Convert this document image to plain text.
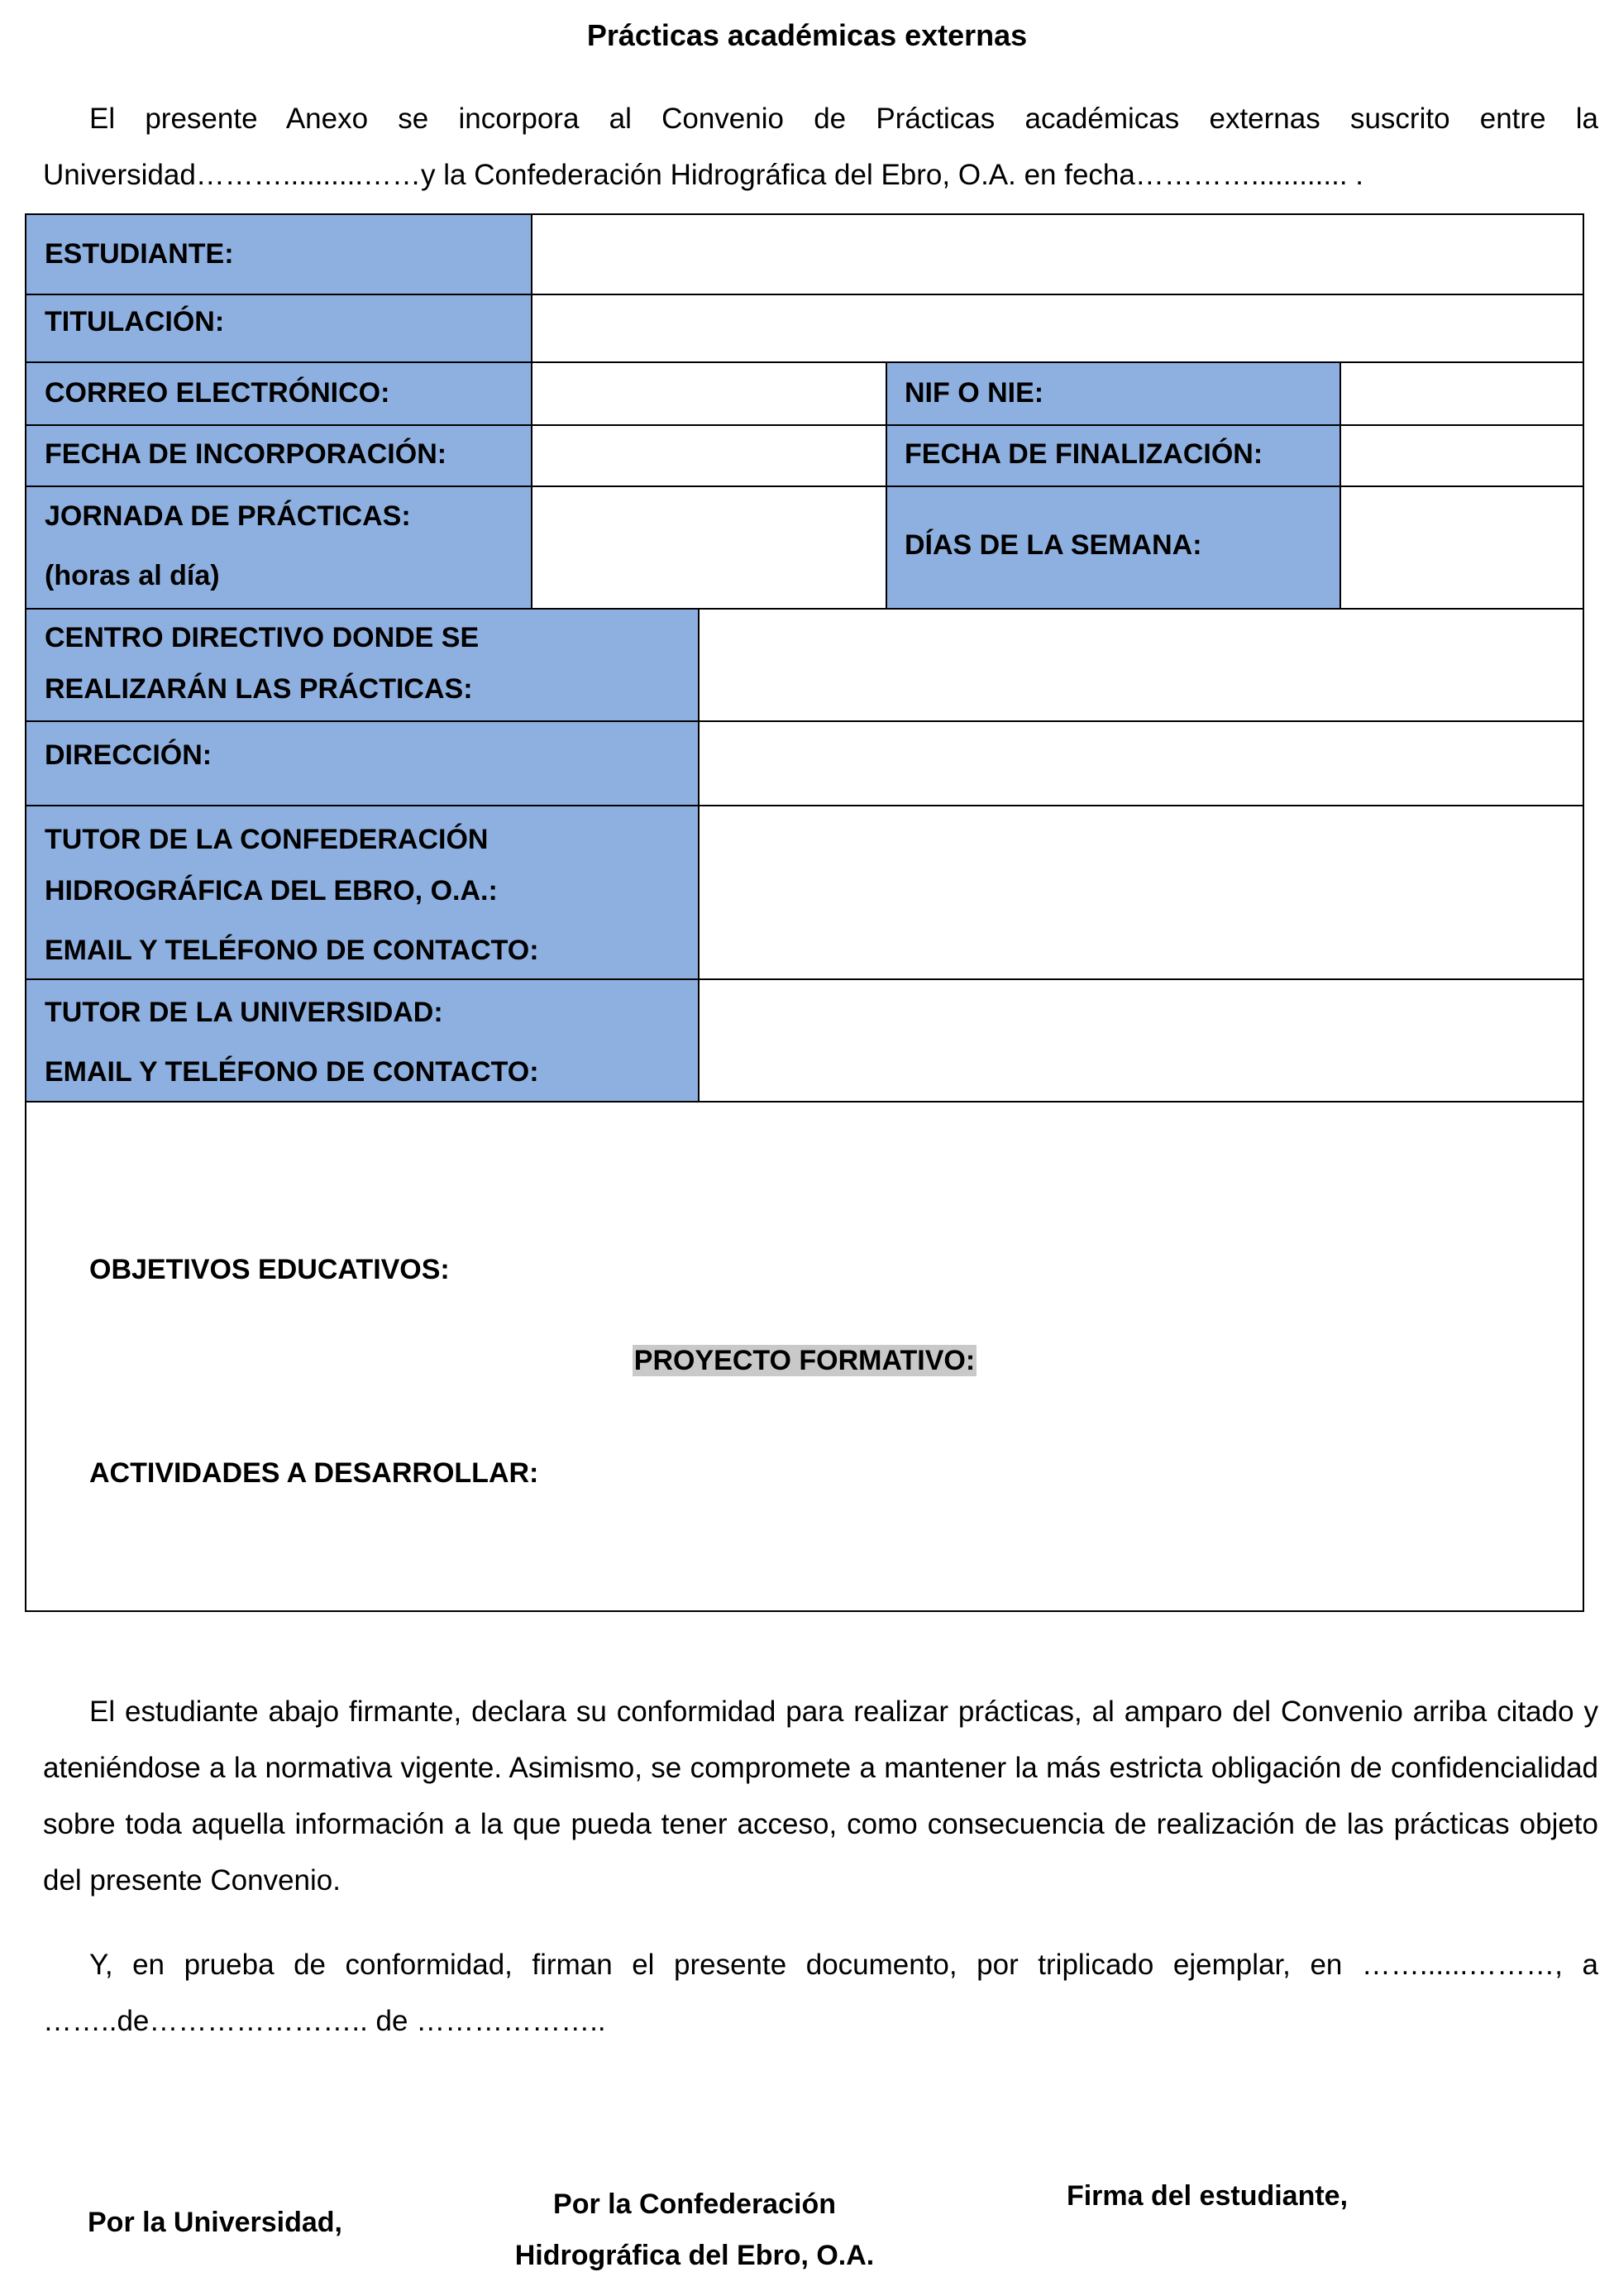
Prácticas académicas externas
El presente Anexo se incorpora al Convenio de Prácticas académicas externas suscrito entre la Universidad………..........……y la Confederación Hidrográfica del Ebro, O.A. en fecha…………............ .
ESTUDIANTE:
TITULACIÓN:
CORREO ELECTRÓNICO:	NIF O NIE:
FECHA DE INCORPORACIÓN:	FECHA DE FINALIZACIÓN:
JORNADA DE PRÁCTICAS:
(horas al día)
DÍAS DE LA SEMANA:
CENTRO DIRECTIVO DONDE SE
REALIZARÁN LAS PRÁCTICAS:
DIRECCIÓN:
TUTOR DE LA CONFEDERACIÓN
HIDROGRÁFICA DEL EBRO, O.A.:
EMAIL Y TELÉFONO DE CONTACTO:
TUTOR DE LA UNIVERSIDAD:
EMAIL Y TELÉFONO DE CONTACTO:
PROYECTO FORMATIVO:
OBJETIVOS EDUCATIVOS:
ACTIVIDADES A DESARROLLAR:
El estudiante abajo firmante, declara su conformidad para realizar prácticas, al amparo del Convenio arriba citado y ateniéndose a la normativa vigente. Asimismo, se compromete a mantener la más estricta obligación de confidencialidad sobre toda aquella información a la que pueda tener acceso, como consecuencia de realización de las prácticas objeto del presente Convenio.
Y, en prueba de conformidad, firman el presente documento, por triplicado ejemplar, en ……......………, a ……..de………………….. de ………………..
Por la Universidad,
Por la Confederación
Hidrográfica del Ebro, O.A.
Firma del estudiante,
